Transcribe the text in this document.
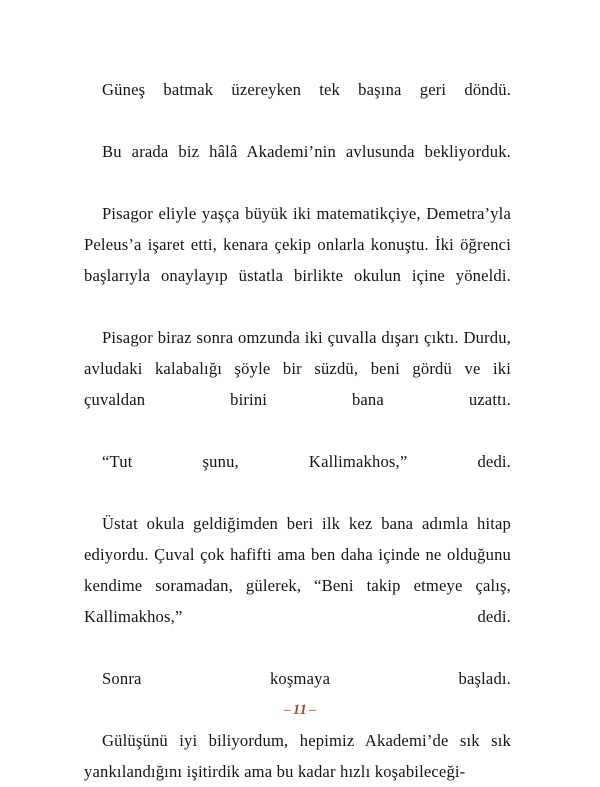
Güneş batmak üzereyken tek başına geri döndü.

Bu arada biz hâlâ Akademi’nin avlusunda bekliyorduk.

Pisagor eliyle yaşça büyük iki matematikçiye, Demetra’yla Peleus’a işaret etti, kenara çekip onlarla konuştu. İki öğrenci başlarıyla onaylayıp üstatla birlikte okulun içine yöneldi.

Pisagor biraz sonra omzunda iki çuvalla dışarı çıktı. Durdu, avludaki kalabalığı şöyle bir süzdü, beni gördü ve iki çuvaldan birini bana uzattı.

“Tut şunu, Kallimakhos,” dedi.

Üstat okula geldiğimden beri ilk kez bana adımla hitap ediyordu. Çuval çok hafifti ama ben daha içinde ne olduğunu kendime soramadan, gülerek, “Beni takip etmeye çalış, Kallimakhos,” dedi.

Sonra koşmaya başladı.

Gülüşünü iyi biliyordum, hepimiz Akademi’de sık sık yankılandığını işitirdik ama bu kadar hızlı koşabileceği-

– 11 –
